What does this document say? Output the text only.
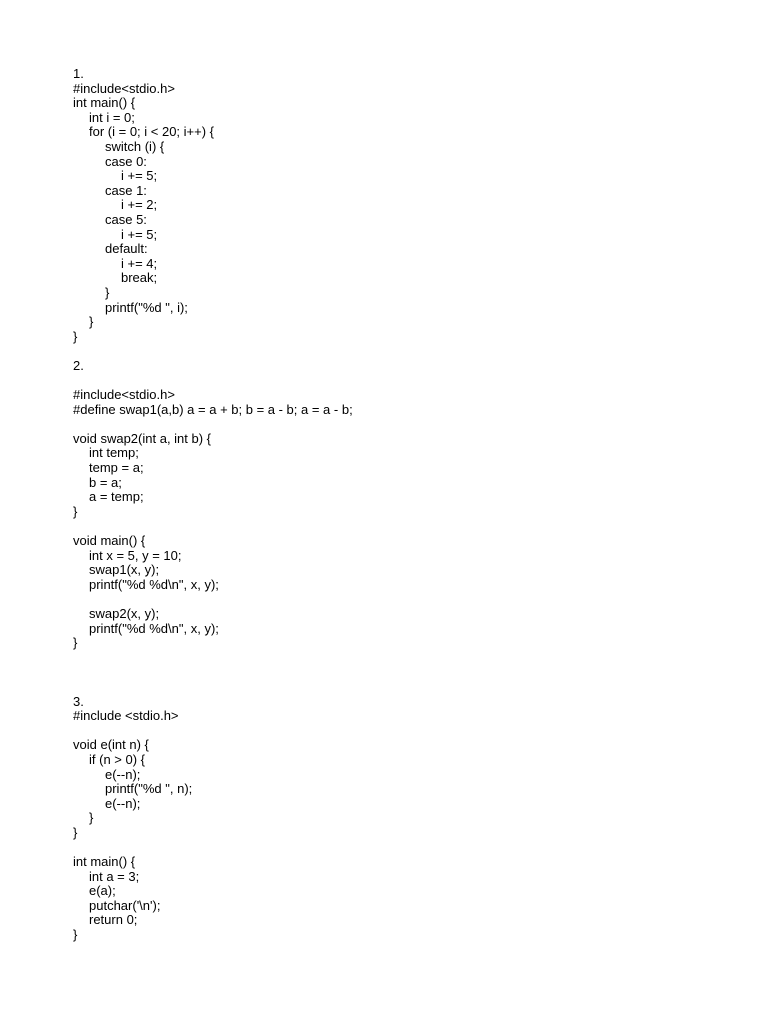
1.
#include<stdio.h>
int main() {
int i = 0;
for (i = 0; i < 20; i++) {
switch (i) {
case 0:
i += 5;
case 1:
i += 2;
case 5:
i += 5;
default:
i += 4;
break;
}
printf("%d ", i);
}
}
2.
#include<stdio.h>
#define swap1(a,b) a = a + b; b = a - b; a = a - b;
void swap2(int a, int b) {
int temp;
temp = a;
b = a;
a = temp;
}
void main() {
int x = 5, y = 10;
swap1(x, y);
printf("%d %d\n", x, y);
swap2(x, y);
printf("%d %d\n", x, y);
}
3.
#include <stdio.h>
void e(int n) {
if (n > 0) {
e(--n);
printf("%d ", n);
e(--n);
}
}
int main() {
int a = 3;
e(a);
putchar('\n');
return 0;
}
